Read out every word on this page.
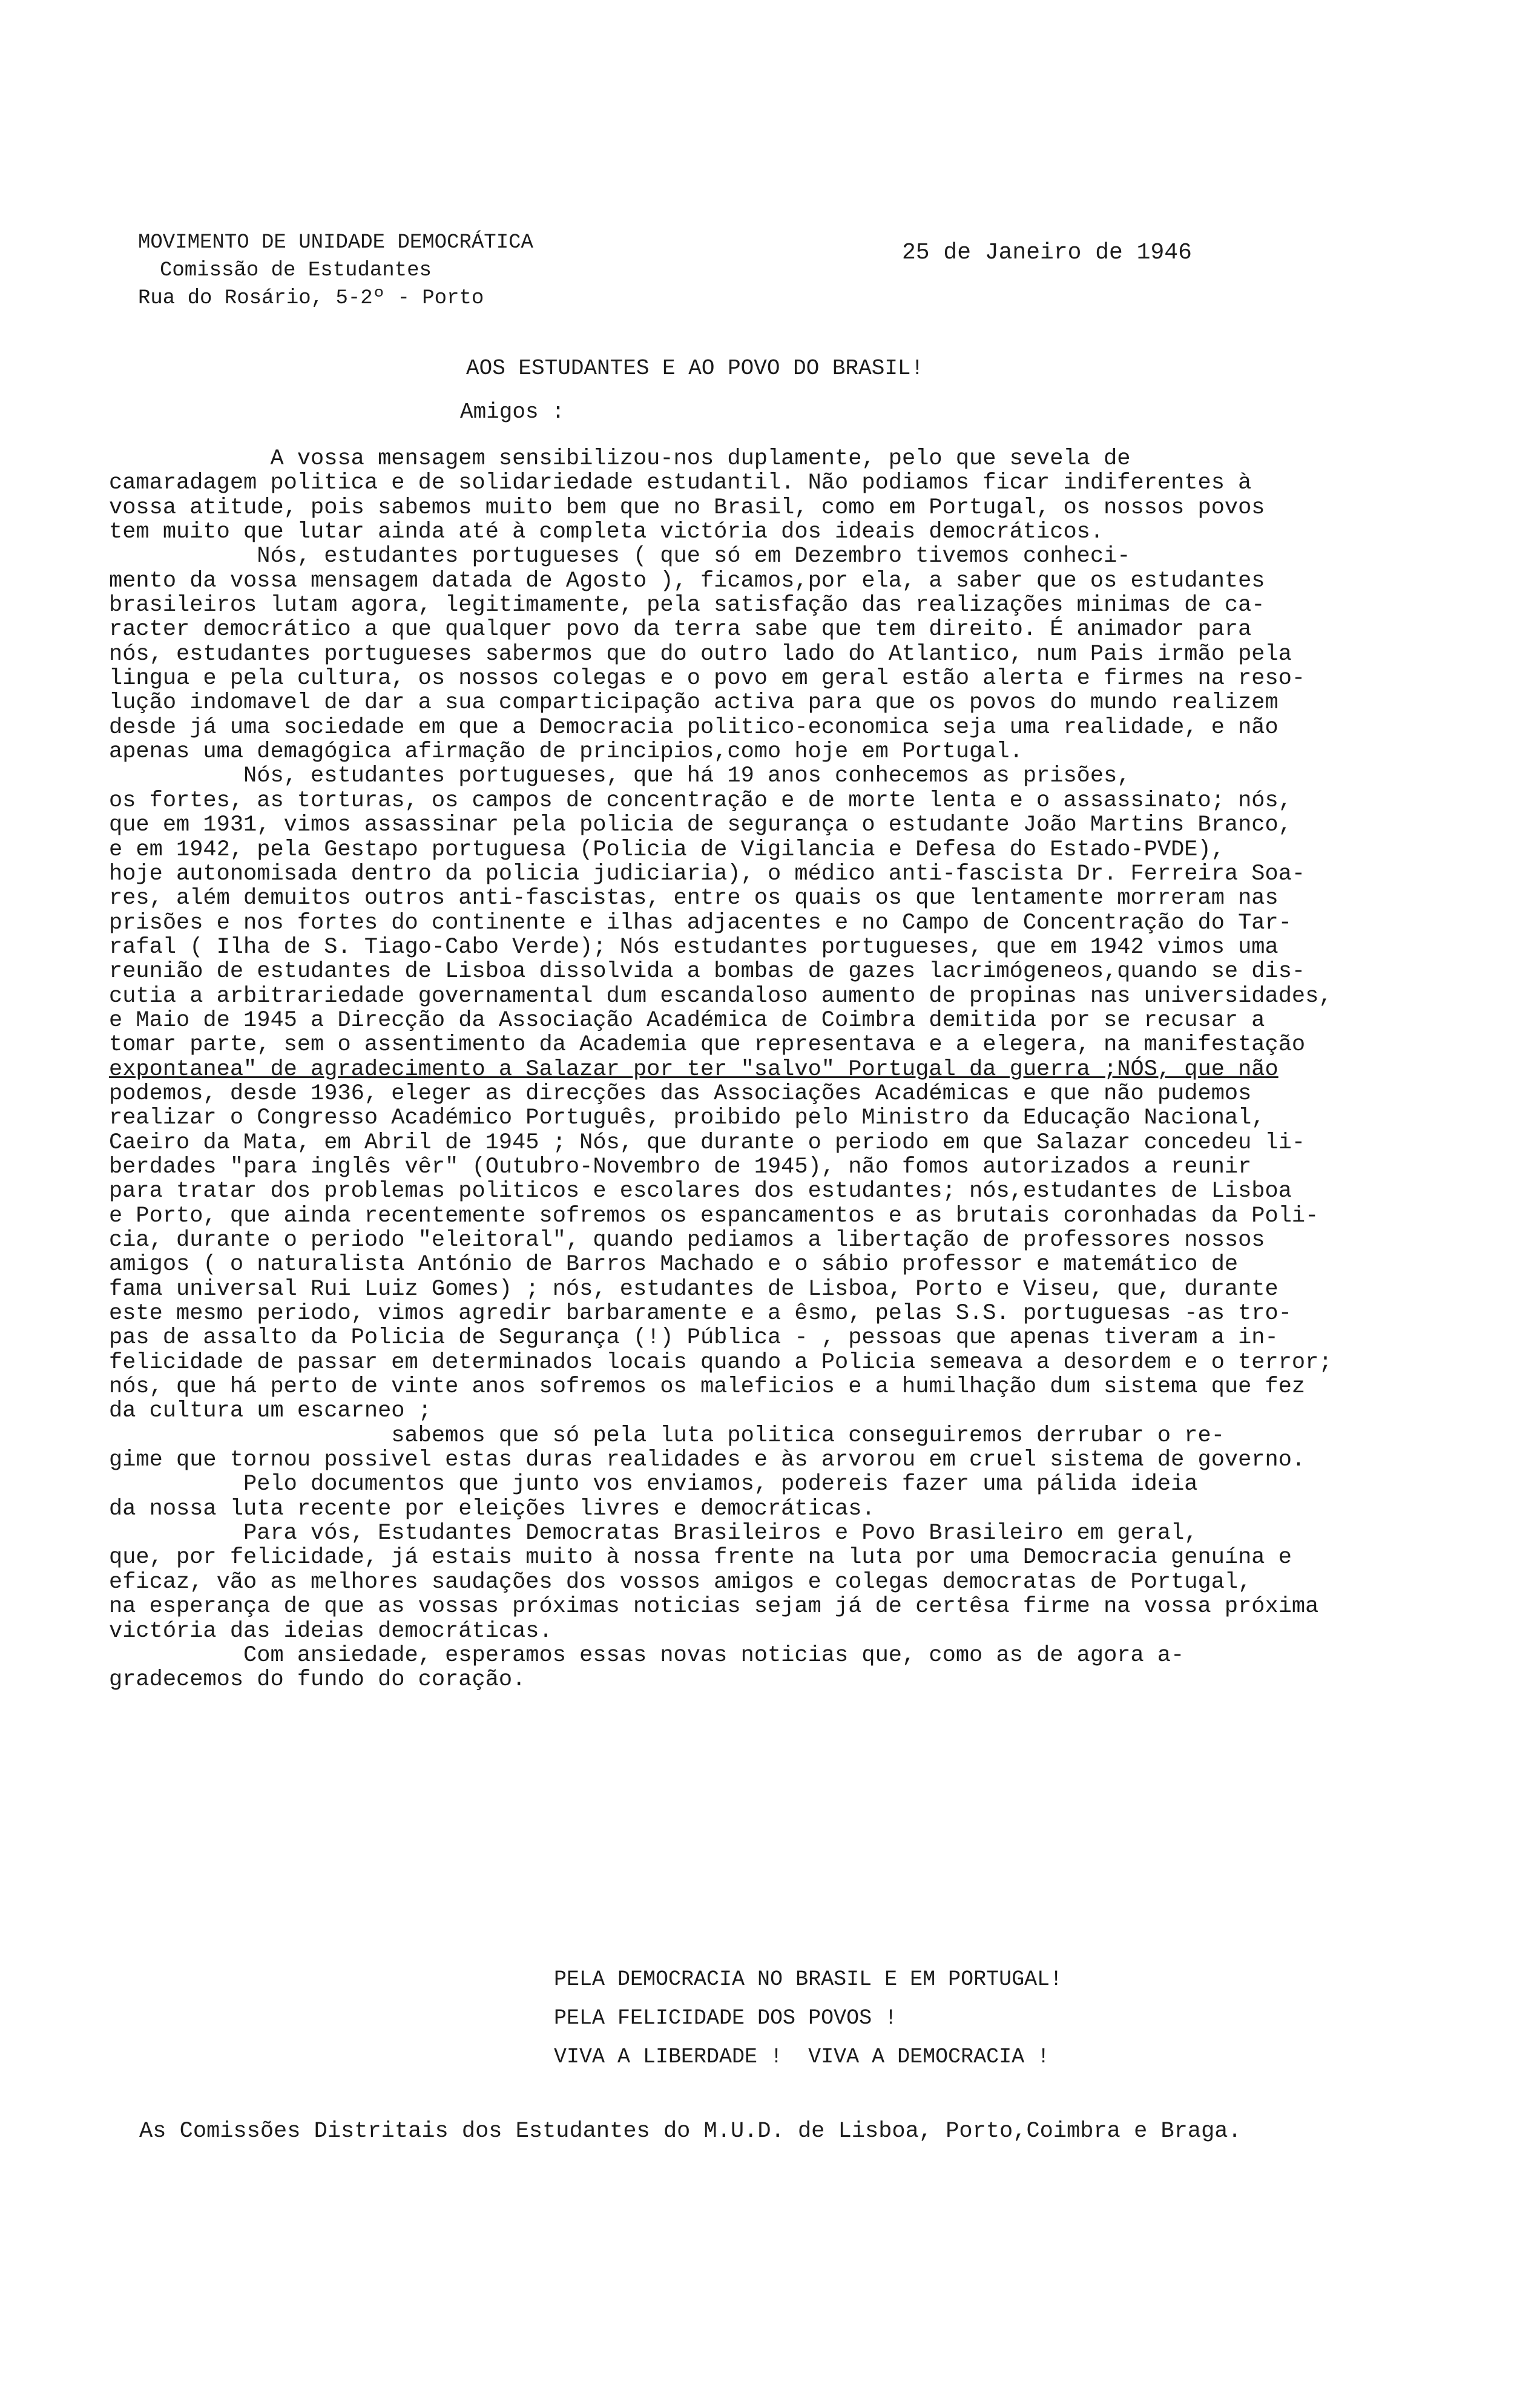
MOVIMENTO DE UNIDADE DEMOCRÁTICA
Comissão de Estudantes
Rua do Rosário, 5-2º - Porto
25 de Janeiro de 1946
AOS ESTUDANTES E AO POVO DO BRASIL!
Amigos :
A vossa mensagem sensibilizou-nos duplamente, pelo que sevela de
camaradagem politica e de solidariedade estudantil. Não podiamos ficar indiferentes à
vossa atitude, pois sabemos muito bem que no Brasil, como em Portugal, os nossos povos
tem muito que lutar ainda até à completa victória dos ideais democráticos.
Nós, estudantes portugueses ( que só em Dezembro tivemos conheci-
mento da vossa mensagem datada de Agosto ), ficamos,por ela, a saber que os estudantes
brasileiros lutam agora, legitimamente, pela satisfação das realizações minimas de ca-
racter democrático a que qualquer povo da terra sabe que tem direito. É animador para
nós, estudantes portugueses sabermos que do outro lado do Atlantico, num Pais irmão pela
lingua e pela cultura, os nossos colegas e o povo em geral estão alerta e firmes na reso-
lução indomavel de dar a sua comparticipação activa para que os povos do mundo realizem
desde já uma sociedade em que a Democracia politico-economica seja uma realidade, e não
apenas uma demagógica afirmação de principios,como hoje em Portugal.
Nós, estudantes portugueses, que há 19 anos conhecemos as prisões,
os fortes, as torturas, os campos de concentração e de morte lenta e o assassinato; nós,
que em 1931, vimos assassinar pela policia de segurança o estudante João Martins Branco,
e em 1942, pela Gestapo portuguesa (Policia de Vigilancia e Defesa do Estado-PVDE),
hoje autonomisada dentro da policia judiciaria), o médico anti-fascista Dr. Ferreira Soa-
res, além demuitos outros anti-fascistas, entre os quais os que lentamente morreram nas
prisões e nos fortes do continente e ilhas adjacentes e no Campo de Concentração do Tar-
rafal ( Ilha de S. Tiago-Cabo Verde); Nós estudantes portugueses, que em 1942 vimos uma
reunião de estudantes de Lisboa dissolvida a bombas de gazes lacrimógeneos,quando se dis-
cutia a arbitrariedade governamental dum escandaloso aumento de propinas nas universidades,
e Maio de 1945 a Direcção da Associação Académica de Coimbra demitida por se recusar a
tomar parte, sem o assentimento da Academia que representava e a elegera, na manifestação
expontanea" de agradecimento a Salazar por ter "salvo" Portugal da guerra ;NÓS, que não
podemos, desde 1936, eleger as direcções das Associações Académicas e que não pudemos
realizar o Congresso Académico Português, proibido pelo Ministro da Educação Nacional,
Caeiro da Mata, em Abril de 1945 ; Nós, que durante o periodo em que Salazar concedeu li-
berdades "para inglês vêr" (Outubro-Novembro de 1945), não fomos autorizados a reunir
para tratar dos problemas politicos e escolares dos estudantes; nós,estudantes de Lisboa
e Porto, que ainda recentemente sofremos os espancamentos e as brutais coronhadas da Poli-
cia, durante o periodo "eleitoral", quando pediamos a libertação de professores nossos
amigos ( o naturalista António de Barros Machado e o sábio professor e matemático de
fama universal Rui Luiz Gomes) ; nós, estudantes de Lisboa, Porto e Viseu, que, durante
este mesmo periodo, vimos agredir barbaramente e a êsmo, pelas S.S. portuguesas -as tro-
pas de assalto da Policia de Segurança (!) Pública - , pessoas que apenas tiveram a in-
felicidade de passar em determinados locais quando a Policia semeava a desordem e o terror;
nós, que há perto de vinte anos sofremos os maleficios e a humilhação dum sistema que fez
da cultura um escarneo ;
sabemos que só pela luta politica conseguiremos derrubar o re-
gime que tornou possivel estas duras realidades e às arvorou em cruel sistema de governo.
Pelo documentos que junto vos enviamos, podereis fazer uma pálida ideia
da nossa luta recente por eleições livres e democráticas.
Para vós, Estudantes Democratas Brasileiros e Povo Brasileiro em geral,
que, por felicidade, já estais muito à nossa frente na luta por uma Democracia genuína e
eficaz, vão as melhores saudações dos vossos amigos e colegas democratas de Portugal,
na esperança de que as vossas próximas noticias sejam já de certêsa firme na vossa próxima
victória das ideias democráticas.
Com ansiedade, esperamos essas novas noticias que, como as de agora a-
gradecemos do fundo do coração.
PELA DEMOCRACIA NO BRASIL E EM PORTUGAL!
PELA FELICIDADE DOS POVOS !
VIVA A LIBERDADE !  VIVA A DEMOCRACIA !
As Comissões Distritais dos Estudantes do M.U.D. de Lisboa, Porto,Coimbra e Braga.
